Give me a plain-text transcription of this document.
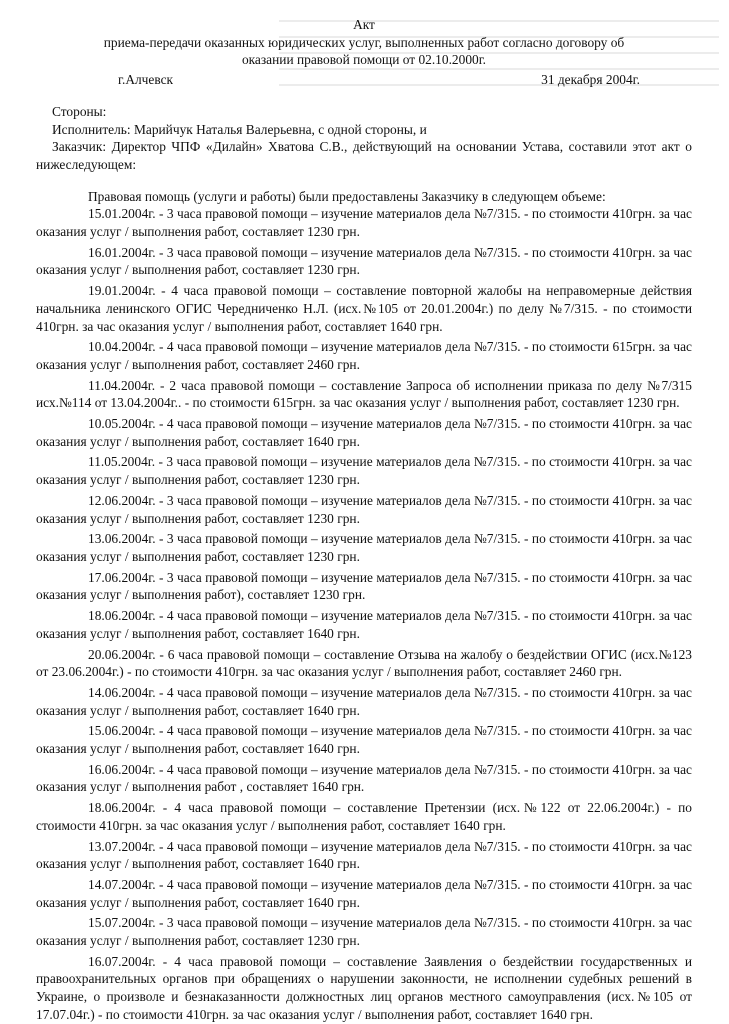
Акт

приема-передачи оказанных юридических услуг, выполненных работ согласно договору об оказании правовой помощи от 02.10.2000г.

г.Алчевск	31 декабря 2004г.

Стороны:

Исполнитель: Марийчук Наталья Валерьевна, с одной стороны, и

Заказчик: Директор ЧПФ «Дилайн» Хватова С.В., действующий на основании Устава, составили этот акт о нижеследующем:

Правовая помощь (услуги и работы) были предоставлены Заказчику в следующем объеме:

15.01.2004г. - 3 часа правовой помощи – изучение материалов дела №7/315. - по стоимости 410грн. за час оказания услуг / выполнения работ, составляет 1230 грн.

16.01.2004г. - 3 часа правовой помощи – изучение материалов дела №7/315. - по стоимости 410грн. за час оказания услуг / выполнения работ, составляет 1230 грн.

19.01.2004г. - 4 часа правовой помощи – составление повторной жалобы на неправомерные действия начальника ленинского ОГИС Чередниченко Н.Л. (исх.№105 от 20.01.2004г.) по делу №7/315. - по стоимости 410грн. за час оказания услуг / выполнения работ, составляет 1640 грн.

10.04.2004г. - 4 часа правовой помощи – изучение материалов дела №7/315. - по стоимости 615грн. за час оказания услуг / выполнения работ, составляет 2460 грн.

11.04.2004г. - 2 часа правовой помощи – составление Запроса об исполнении приказа по делу №7/315 исх.№114 от 13.04.2004г.. - по стоимости 615грн. за час оказания услуг / выполнения работ, составляет 1230 грн.

10.05.2004г. - 4 часа правовой помощи – изучение материалов дела №7/315. - по стоимости 410грн. за час оказания услуг / выполнения работ, составляет 1640 грн.

11.05.2004г. - 3 часа правовой помощи – изучение материалов дела №7/315. - по стоимости 410грн. за час оказания услуг / выполнения работ, составляет 1230 грн.

12.06.2004г. - 3 часа правовой помощи – изучение материалов дела №7/315. - по стоимости 410грн. за час оказания услуг / выполнения работ, составляет 1230 грн.

13.06.2004г. - 3 часа правовой помощи – изучение материалов дела №7/315. - по стоимости 410грн. за час оказания услуг / выполнения работ, составляет 1230 грн.

17.06.2004г. - 3 часа правовой помощи – изучение материалов дела №7/315. - по стоимости 410грн. за час оказания услуг / выполнения работ), составляет 1230 грн.

18.06.2004г. - 4 часа правовой помощи – изучение материалов дела №7/315. - по стоимости 410грн. за час оказания услуг / выполнения работ, составляет 1640 грн.

20.06.2004г. - 6 часа правовой помощи – составление Отзыва на жалобу о бездействии ОГИС (исх.№123 от 23.06.2004г.) - по стоимости 410грн. за час оказания услуг / выполнения работ, составляет 2460 грн.

14.06.2004г. - 4 часа правовой помощи – изучение материалов дела №7/315. - по стоимости 410грн. за час оказания услуг / выполнения работ, составляет 1640 грн.

15.06.2004г. - 4 часа правовой помощи – изучение материалов дела №7/315. - по стоимости 410грн. за час оказания услуг / выполнения работ, составляет 1640 грн.

16.06.2004г. - 4 часа правовой помощи – изучение материалов дела №7/315. - по стоимости 410грн. за час оказания услуг / выполнения работ , составляет 1640 грн.

18.06.2004г. - 4 часа правовой помощи – составление Претензии (исх.№122 от 22.06.2004г.) - по стоимости 410грн. за час оказания услуг / выполнения работ, составляет 1640 грн.

13.07.2004г. - 4 часа правовой помощи – изучение материалов дела №7/315. - по стоимости 410грн. за час оказания услуг / выполнения работ, составляет 1640 грн.

14.07.2004г. - 4 часа правовой помощи – изучение материалов дела №7/315. - по стоимости 410грн. за час оказания услуг / выполнения работ, составляет 1640 грн.

15.07.2004г. - 3 часа правовой помощи – изучение материалов дела №7/315. - по стоимости 410грн. за час оказания услуг / выполнения работ, составляет 1230 грн.

16.07.2004г. - 4 часа правовой помощи – составление Заявления о бездействии государственных и правоохранительных органов при обращениях о нарушении законности, не исполнении судебных решений в Украине, о произволе и безнаказанности должностных лиц органов местного самоуправления (исх.№105 от 17.07.04г.) - по стоимости 410грн. за час оказания услуг / выполнения работ, составляет 1640 грн.
